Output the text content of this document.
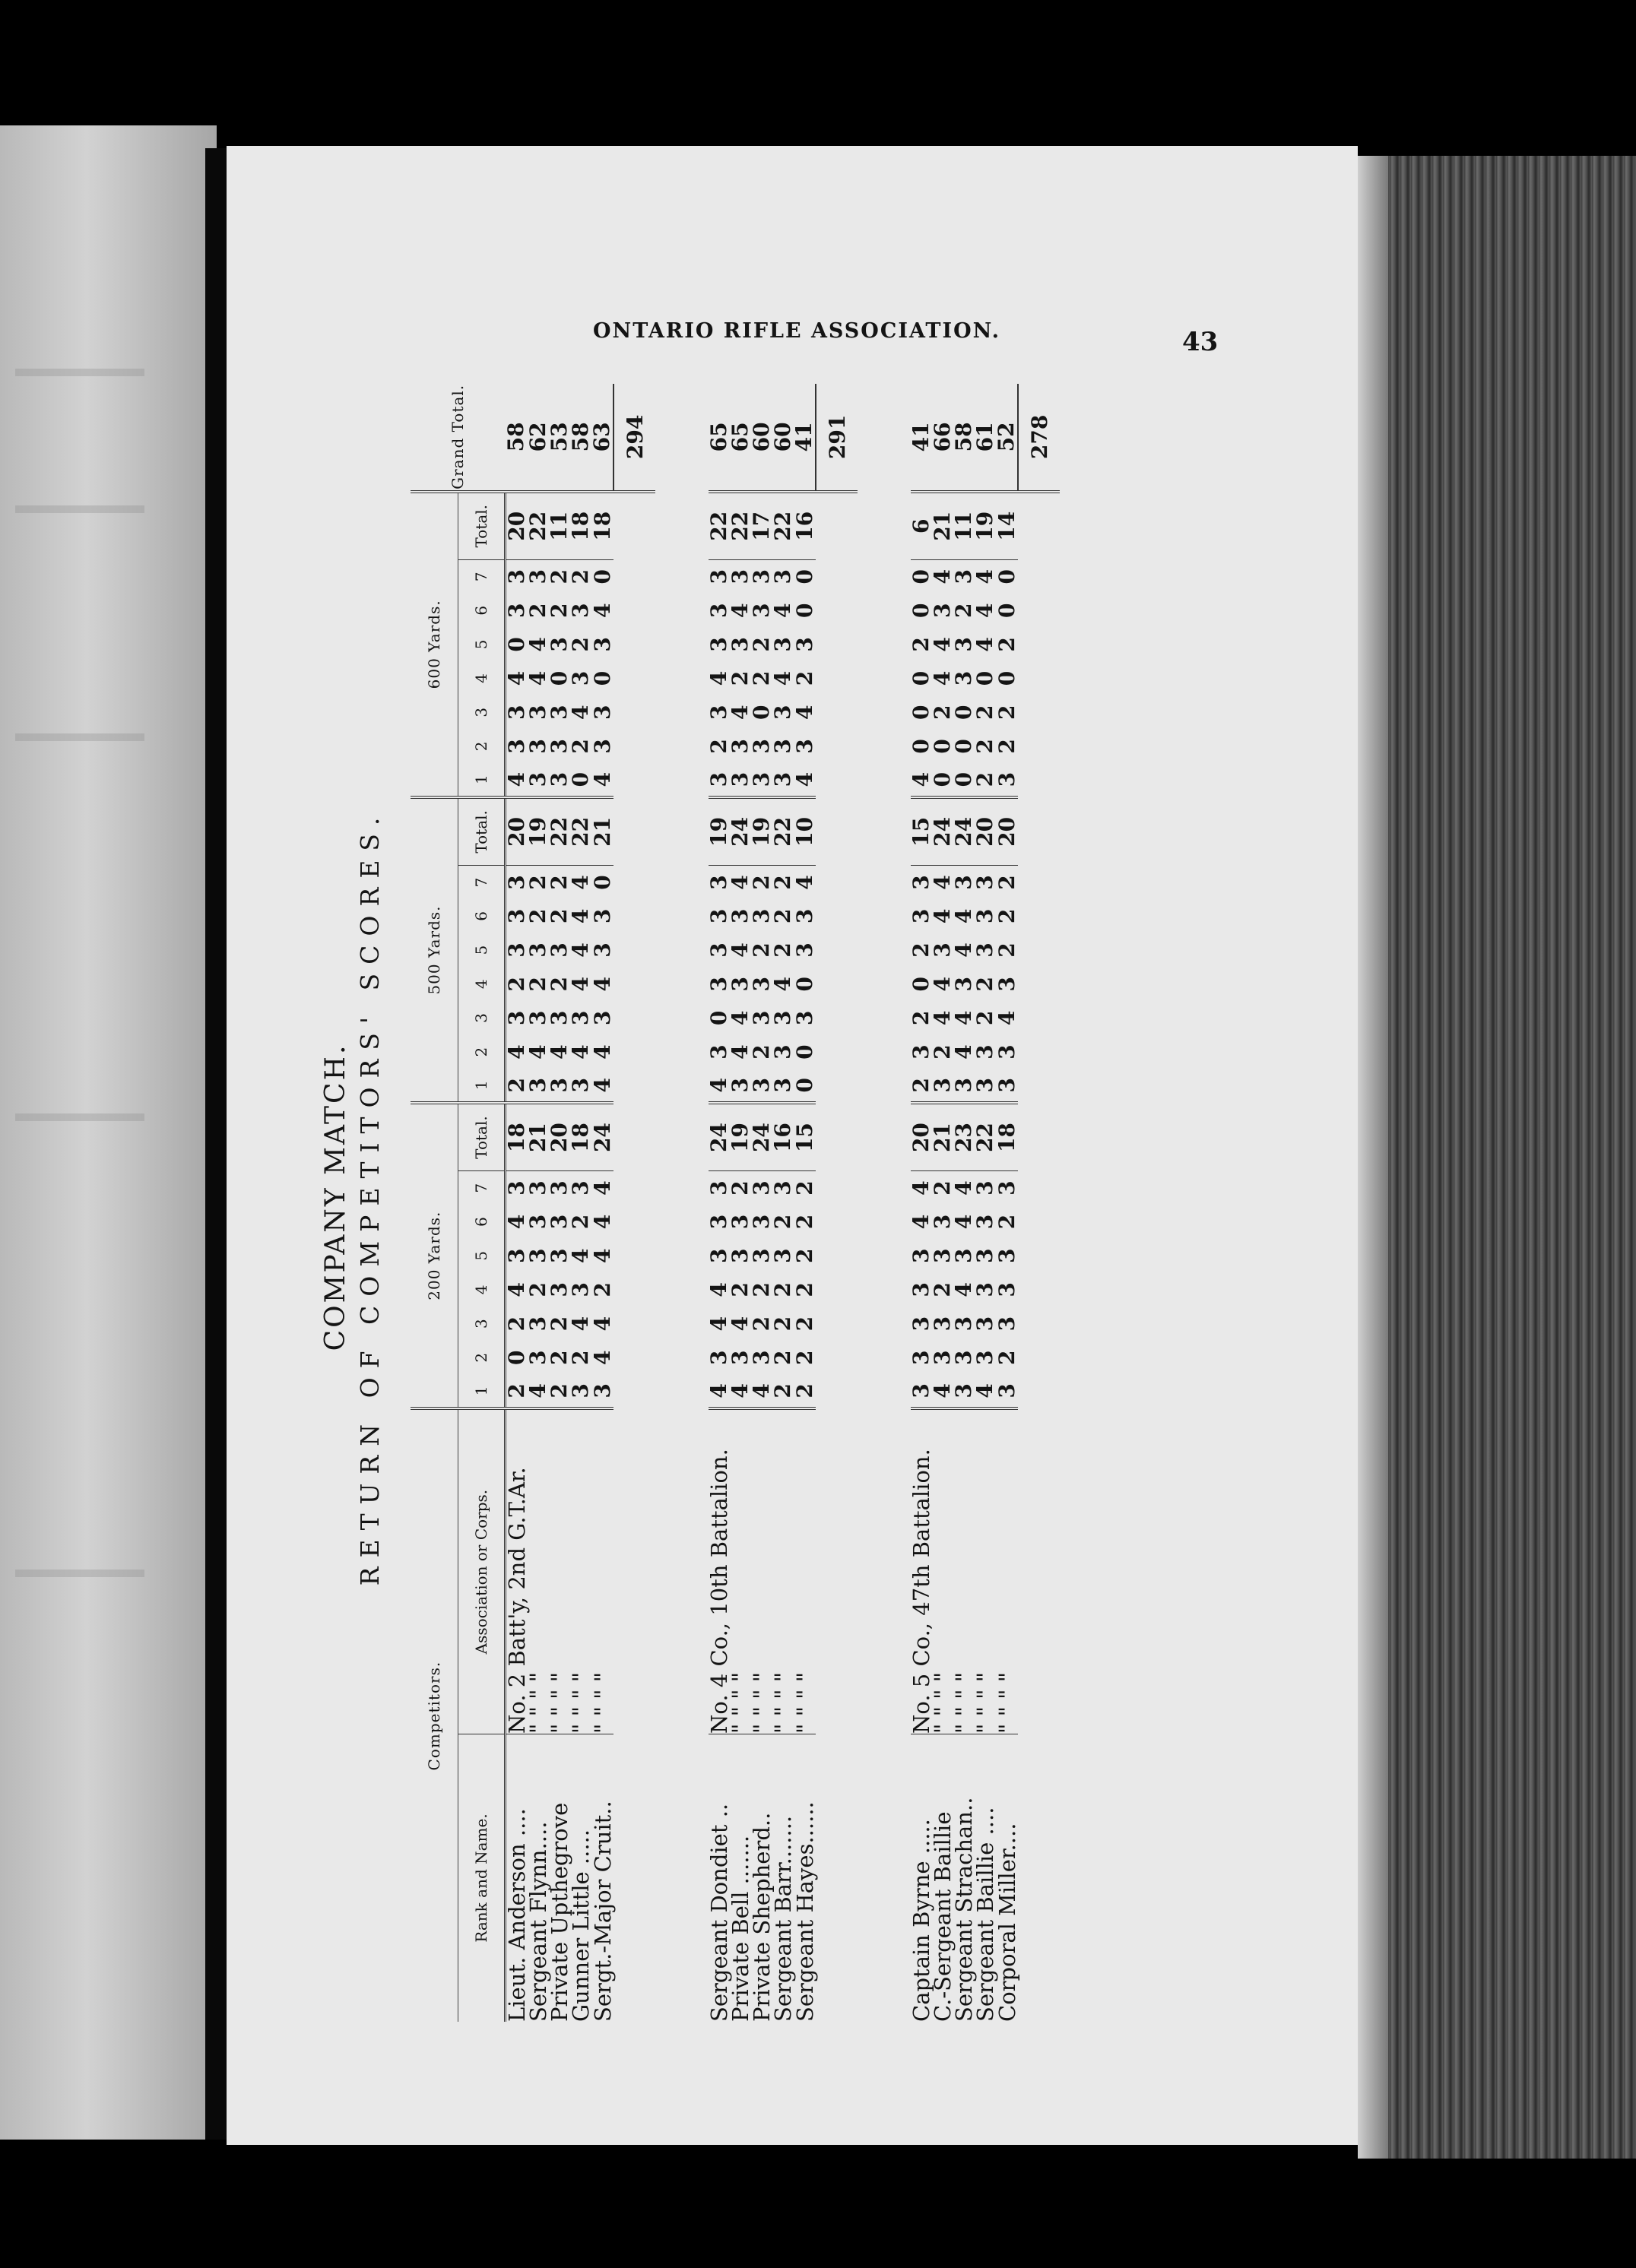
ONTARIO RIFLE ASSOCIATION.	43
COMPANY MATCH. RETURN OF COMPETITORS' SCORES.
Competitors.		200 Yards.								500 Yards.								600 Yards.								Grand Total.
Rank and Name.	Association or Corps.	1	2	3	4	5	6	7	Total.	1	2	3	4	5	6	7	Total.	1	2	3	4	5	6	7	Total.	
Lieut. Anderson ....	No. 2 Batt'y, 2nd G.T.Ar.	2	0	2	4	3	4	3	18	2	4	3	2	3	3	3	20	4	3	3	4	0	3	3	20	58
Sergeant Flynn....	" " " "	4	3	3	2	3	3	3	21	3	4	3	2	3	2	2	19	3	3	3	4	4	2	3	22	62
Private Upthegrove	" " " "	2	2	2	3	3	3	3	20	3	4	3	2	3	2	2	22	3	3	3	0	3	2	2	11	53
Gunner Little .....	" " " "	3	2	4	3	4	2	3	18	3	4	3	4	4	4	4	22	0	2	4	3	2	3	2	18	58
Sergt.-Major Cruit..	" " " "	3	4	4	2	4	4	4	24	4	4	3	4	3	3	0	21	4	3	3	0	3	4	0	18	63
																										294

Sergeant Dondiet ..	No. 4 Co., 10th Battalion.	4	3	4	4	3	3	3	24	4	3	0	3	3	3	3	19	3	2	3	4	3	3	3	22	65
Private Bell .......	" " " "	4	3	4	2	3	3	2	19	3	4	4	3	4	3	4	24	3	3	4	2	3	4	3	22	65
Private Shepherd..	" " " "	4	3	2	2	3	3	3	24	3	2	3	3	2	3	2	19	3	3	0	2	2	3	3	17	60
Sergeant Barr.......	" " " "	2	2	2	2	3	2	3	16	3	3	3	4	2	2	2	22	3	3	3	4	3	4	3	22	60
Sergeant Hayes......	" " " "	2	2	2	2	2	2	2	15	0	0	3	0	3	3	4	10	4	3	4	2	3	0	0	16	41
																										291

Captain Byrne .....	No. 5 Co., 47th Battalion.	3	3	3	3	3	4	4	20	2	3	2	0	2	3	3	15	4	0	0	0	2	0	0	6	41
C.-Sergeant Baillie	" " " "	4	3	3	2	3	3	2	21	3	2	4	4	3	4	4	24	0	0	2	4	4	3	4	21	66
Sergeant Strachan..	" " " "	3	3	3	4	3	4	4	23	3	4	4	3	4	4	3	24	0	0	0	3	3	2	3	11	58
Sergeant Baillie ....	" " " "	4	3	3	3	3	3	3	22	3	3	2	2	3	3	3	20	2	2	2	0	4	4	4	19	61
Corporal Miller....	" " " "	3	2	3	3	3	2	3	18	3	3	4	3	2	2	2	20	3	2	2	0	2	0	0	14	52
																										278
